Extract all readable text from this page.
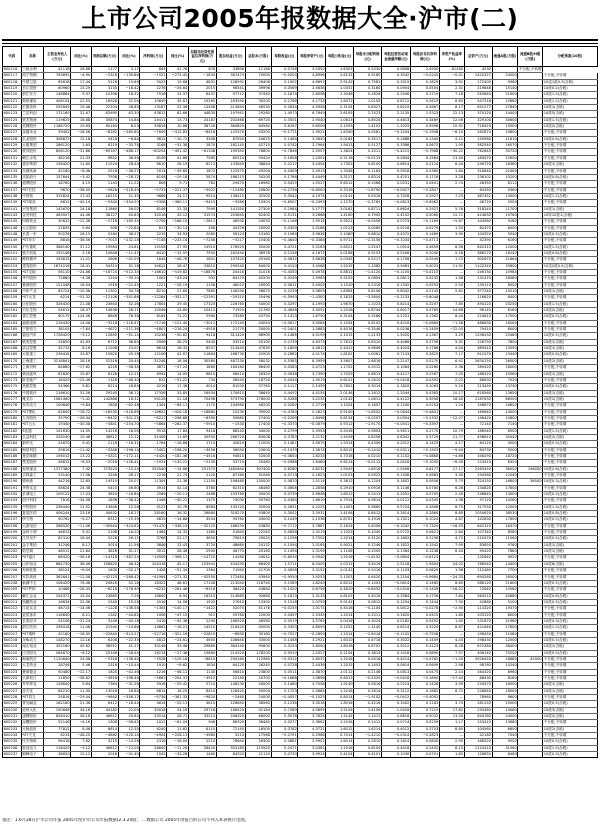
上市公司2005年报数据大全·沪市(二)
代码	名称	主营业务收入(万元)	同比(%)	利润总额(万元)	同比(%)	净利润(万元)	同比(%)	扣除非经常性损益后净利润(万元)	股东权益(万元)	总股本(万股)	每股收益(元)	每股净资产(元)	每股公积金(元)	每股未分配利润(元)	每股经营活动现金流量净额(元)	每股扣非后净利润(元)	净资产收益率(%)	总资产(万元)	流通A股(万股)	流通B股/H股(万股)	分配预案(10派)
600116	三峡水利	41118	28.86	1177	3.17	844	41.76	678	33896	11168	0.0756	3.0350	1.6303	0.2030	0.0608	2.4900	61280	4530		不分配,不转增	
600117	西宁特钢	763895	−4.90	−2316	−139.86	−1521	−275.45	−1834	367474	75000	−0.0203	4.8996	2.6132	0.9180	0.3542	−0.0245	−0.41	1420327	24000		不分配,不转增
600118	中国卫星	65818	17.44	5126	15.69	5023	15.68	4831	128591	26406	0.1902	4.8697	2.9142	0.7581	0.3315	0.1829	3.91	172405	9360		10送1派0.3(含税)
600119	长江投资	80960	15.29	3135	−18.42	2276	−26.84	2015	98541	39996	0.0569	2.4638	1.0431	0.3160	0.0904	0.0504	2.31	219848	15140		10派0.2(含税)
600120	浙江东方	146864	9.37	10396	18.52	7016	15.37	6437	97712	37440	0.1874	2.6098	1.3046	0.1828	0.2946	0.1719	7.18	263840	21600		10派1.5(含税)
600121	郑州煤电	408154	22.55	16928	37.04	10849	35.81	10265	163590	39200	0.2768	4.1733	1.8472	1.0105	0.8712	0.2619	6.63	547316	15680		10派1.2(含税)
600122	宏图高科	592845	19.46	22104	26.85	13187	22.36	12408	213844	46530	0.2834	4.5958	2.3154	0.8327	0.6215	0.2667	6.17	651277	27840		10派1(含税)
600123	兰花科创	171160	31.67	62695	63.30	43812	62.66	44835	197941	29260	1.4973	6.7649	2.6195	2.7423	2.2135	1.5323	22.13	370120	14400		10派5(含税)
600125	铁龙物流	119625	16.88	35874	14.84	24411	13.73	24187	202468	69720	0.3501	2.9040	1.0813	0.8524	0.4613	0.3469	12.06	329104	30600		10派1.5(含税)
600126	杭钢股份	1186720	19.65	60184	8.23	39814	10.88	38726	364820	64560	0.6167	5.6509	2.1093	1.4102	1.1025	0.5998	10.91	716429	15500		10派2(含税)
600127	金健米业	59402	−18.56	−8162	−285.60	−7649	−412.83	−8416	125370	43200	−0.1771	2.9021	1.6340	0.0581	−0.1204	−0.1948	−6.10	262874	19800		不分配,不转增
600128	弘业股份	308672	12.18	5418	−6.84	3612	−10.72	3306	87950	24670	0.1464	3.5650	2.0164	0.3517	0.1688	0.1340	4.11	155960	11610		10派0.6(含税)
600129	太极集团	286120	1.63	6219	−33.78	3168	−51.36	2870	162145	42710	0.0742	3.7964	1.9413	0.5127	0.3386	0.0672	1.95	582540	16570		不分配,不转增
600130	波导股份	806120	−31.86	−69167	−486.17	−60254	−491.42	−61348	199350	76800	−0.7846	2.5957	1.3624	0.2011	−0.4215	−0.7988	−30.22	762845	30720		不分配,不转增
600131	岷江水电	48216	21.33	9852	38.46	8106	41.86	7985	60514	50424	0.1608	1.2001	0.2116	−0.0115	0.2644	0.1584	13.40	184570	12600		不分配,不转增
600132	重庆啤酒	158420	11.60	11524	28.44	8610	28.15	8212	133640	38844	0.2217	3.4404	1.7302	0.6100	0.6614	0.2114	6.44	246720	16380		10派1(含税)
600133	东湖高新	42180	−8.46	2516	−36.27	2014	−39.85	1872	122570	49200	0.0409	2.4913	1.3346	0.1164	0.0918	0.0380	1.64	318640	22400		不分配,不转增
600135	乐凯胶片	157644	−3.42	7936	−28.12	6108	−29.18	5874	186215	34200	0.1786	5.4449	3.3127	0.8314	0.4251	0.1718	3.28	236102	10200		10派0.8(含税)
600136	道博股份	18760	4.15	1143	11.22	806	9.71	762	29470	18980	0.0425	1.5527	0.6012	0.1066	0.0531	0.0401	2.74	46350	8112		不分配,不转增
600137	*ST长控	9870	−38.50	−5826	−218.40	−5733	−221.37	−5922	−12480	20800	−0.2756	−0.6000	0.3316	−1.8790	−0.0427	−0.2847	—	64350	9360		不分配,不转增
600138	中青旅	315824	17.43	16215	21.35	9886	24.17	9514	136415	32500	0.3042	4.1974	2.0141	0.9318	0.7426	0.2927	7.25	387452	13000		10派1.2(含税)
600139	*ST绵高	6612	−42.14	−9340	−354.20	−9308	−360.11	−9415	−3566	14304	−0.6507	−0.2493	1.1270	−2.3764	−0.0813	−0.6582	—	48720	5504		不分配,不转增
600141	兴发集团	142670	24.18	11860	26.02	8146	22.33	7990	141350	27300	0.2984	5.1777	3.0162	0.8711	0.6624	0.2927	5.76	318240	11700		10派1(含税)
600143	金发科技	463507	44.46	38127	45.63	32016	43.12	31574	203845	62400	0.5131	3.2668	1.4160	0.7905	0.4102	0.5060	15.71	424630	19760		10转10派1(含税)
600145	四维瓷业	30612	−12.36	−2716	−165.34	−2756	−168.15	−2811	46930	24050	−0.1146	1.9514	0.9021	−0.0406	0.0723	−0.1169	−5.87	104560	9180		不分配,不转增
600146	大元股份	21835	5.64	906	−22.64	617	−30.14	558	40376	20000	0.0309	2.0188	1.0123	0.0065	0.0216	0.0279	1.53	62470	8000		不分配,不转增
600148	长春一东	50276	26.15	3184	36.27	2215	34.93	2080	56124	14160	0.1564	3.9636	2.1060	0.6810	0.4372	0.1469	3.95	104320	5040		10派0.5(含税)
600149	*ST环宇	8816	−36.56	−7015	−232.18	−7146	−233.14	−7258	−5217	15400	−0.4640	−0.3388	0.9711	−2.3156	−0.1034	−0.4713	—	42390	6160		不分配,不转增
600150	沪东重机	368140	37.12	19564	24.61	15108	27.95	14910	176520	32000	0.4721	5.5163	2.6521	1.5247	1.0914	0.4659	8.56	642310	12000		10派1.5(含税)
600151	航天机电	192146	2.16	10648	−11.47	8410	−12.55	7950	162440	38976	0.2158	4.1677	2.0168	0.9103	0.5206	0.2040	5.18	386270	16240		10派0.8(含税)
600152	维科精华	193615	11.22	2806	−41.05	1844	−46.78	1601	107420	29160	0.0632	3.6838	2.0345	0.5217	0.1706	0.0549	1.72	302870	11664		不分配,不转增
600153	建发股份	1874216	18.41	54310	31.16	34612	28.47	33810	290540	84000	0.4120	3.4588	1.2015	1.1082	0.9463	0.4025	11.91	1102340	33600		10送2派0.5(含税)
600155	*ST宝硕	56110	−24.86	−16724	−512.35	−16610	−519.82	−16876	20416	41016	−0.4050	0.4978	0.8812	−1.4120	−0.1105	−0.4115	—	246130	15984		不分配,不转增
600156	华升股份	72860	−4.36	1244	−39.10	1002	−43.24	932	64170	40200	0.0249	1.5963	0.5102	0.0804	0.0611	0.0232	1.56	131470	16080		不分配,不转增
600157	鲁润股份	121048	16.04	1916	−21.45	1221	−28.19	1106	48010	20000	0.0611	2.4005	1.1010	0.2316	0.1342	0.0553	2.54	139110	8000		不分配,不转增
600158	中体产业	83724	−10.36	11302	34.76	8210	27.60	7865	146290	36670	0.2239	3.9893	1.8364	0.8106	0.6042	0.2145	5.61	377240	15210		10派1(含税)
600159	*ST大龙	6214	−51.32	−12106	−341.86	−12284	−352.17	−12391	−29310	20496	−0.5993	−1.4300	0.1815	−3.5604	−0.2133	−0.6046	—	116620	8400		不分配,不转增
600160	巨化股份	326420	21.08	23640	32.16	17804	29.45	17320	226760	54000	0.3297	4.1993	1.9870	1.1023	0.8214	0.3207	7.85	490220	20250		10派1.5(含税)
600161	天坛生物	54612	18.37	14836	26.11	10546	24.80	10412	71920	21760	0.4846	3.3051	1.2016	0.8744	0.6017	0.4785	14.66	96140	8160		10派2(含税)
600162	香江控股	60175	124.56	8846	78.36	6184	71.22	5960	73280	43750	0.1413	1.6750	0.3104	0.3286	0.2251	0.1362	8.44	224610	17500		10派0.5(含税)
600163	福建南纸	216430	14.06	−3218	−118.47	−2716	−121.40	−3012	172140	44044	−0.0617	3.9084	2.1034	0.6102	0.4216	−0.0684	−1.58	488630	16200		不分配,不转增
600165	宁夏恒力	38105	−7.64	−4672	−211.36	−4801	−218.24	−4918	21770	20000	−0.2401	1.0885	0.4016	−0.3546	0.0236	−0.2459	−22.05	79410	8000		不分配,不转增
600166	福田汽车	1708420	−3.12	12850	−51.14	10238	−50.62	9416	311420	68900	0.1486	4.5199	2.1015	1.2133	1.5420	0.1367	3.29	1296430	25480		10派0.5(含税)
600167	联美控股	24650	41.63	6712	36.84	5506	38.25	5440	93210	20100	0.2739	4.6373	2.7812	0.8310	0.4066	0.2706	5.91	128750	7800		10派1(含税)
600168	武汉控股	32715	8.16	11206	15.07	8618	16.33	8507	213440	47630	0.1809	4.4812	2.4412	0.9806	0.4024	0.1786	4.04	389410	13590		10派1(含税)
600169	太原重工	236418	33.87	15620	45.18	12106	42.67	11864	168730	42000	0.2882	4.0174	1.8102	1.0061	0.7143	0.2825	7.17	612470	13440		10派0.8(含税)
600170	上海建工	3216841	28.16	52316	20.44	31248	18.06	30580	487230	58032	0.5385	8.3959	3.5607	2.6816	2.2147	0.5270	6.41	2634150	26000		10派2(含税)
600171	上海贝岭	64880	−17.62	4216	−58.34	3871	−57.24	1860	164160	66400	0.0583	2.4723	1.1702	0.2012	0.1064	0.0280	2.36	189420	18000		不分配,不转增
600172	黄河旋风	61830	15.87	8126	12.21	6942	14.05	6810	98410	26320	0.2638	3.7390	1.7025	0.8813	0.4127	0.2587	7.05	186320	10560		10派1(含税)
600173	卧龙地产	18420	−22.46	1316	−48.30	812	−51.22	734	36540	18720	0.0434	1.9519	0.6101	0.2610	−0.0418	0.0392	2.22	88630	7020		不分配,不转增
600175	美都控股	54366	9.81	6214	18.84	4216	17.38	4014	81030	37760	0.1117	2.1459	0.7802	0.3014	0.1820	0.1063	5.20	213450	13740		10派0.5(含税)
600176	中国玻纤	216610	31.26	29240	36.12	17356	33.85	16934	170610	38640	0.4492	4.4154	2.0136	1.1812	1.2044	0.4383	10.17	618560	13650		10派1(含税)
600177	雅戈尔	1081460	−1.42	142866	18.31	94128	21.18	70456	573790	178000	0.5288	3.2235	1.0142	1.0811	0.4122	0.3958	16.40	2187630	66500		10派2(含税)
600178	东安动力	109846	−9.84	1856	−62.48	1304	−64.11	1170	104960	46200	0.0282	2.2719	1.1024	0.1607	0.1240	0.0253	1.24	198870	16800		不分配,不转增
600179	*ST黑化	62840	−18.72	−18530	−418.66	−18652	−426.18	−18880	10230	39000	−0.4783	0.2623	0.9100	−1.6502	−0.0844	−0.4841	—	169640	14000		不分配,不转增
600180	九发股份	35790	−26.44	−6432	−301.25	−6217	−298.88	−6390	50680	27400	−0.2269	1.8496	0.8134	−0.0207	0.0354	−0.2332	−12.27	146420	10800		不分配,不转增
600181	*ST云大	19340	−30.08	−5841	−254.70	−5864	−262.37	−5910	−1530	17400	−0.3370	−0.0879	0.9312	−1.9170	−0.0541	−0.3397	—	72140	7140		不分配,不转增
600182	S佳通	141630	14.55	14216	18.06	9518	17.84	9418	88240	34000	0.2799	2.5953	0.5416	0.9604	0.5611	0.2770	10.79	186940	8500		10派1.5(含税)
600183	生益科技	326240	15.48	38612	12.12	31406	11.65	30950	266720	83008	0.3783	3.2132	1.4026	0.8206	0.6342	0.3729	11.77	498610	35440		10派2(含税)
600184	新华光	24870	9.42	2116	−18.31	1784	−16.86	1710	42810	12000	0.1487	3.5675	1.9314	0.4306	0.2012	0.1425	4.17	64120	4500		10派0.5(含税)
600185	海星科技	29816	−11.42	−3348	−196.14	−3402	−198.20	−3456	36050	23000	−0.1479	1.5674	0.8015	−0.2410	−0.0311	−0.1503	−9.44	84730	9200		不分配,不转增
600186	莲花味精	156012	13.22	−4321	−172.11	−4420	−181.36	−4516	94810	52000	−0.0850	1.8233	0.7318	0.0210	0.1102	−0.0868	−4.66	346290	18720		不分配,不转增
600187	黑龙股份	46812	−8.33	−2016	−126.41	−2024	−130.22	−2130	33710	20480	−0.0988	1.6460	0.6214	−0.0112	0.0418	−0.1040	−6.00	123410	8320		不分配,不转增
600188	兖州煤业	1377380	7.42	373520	−15.24	254540	−14.66	251370	1482640	307400	0.8280	4.8232	1.9043	1.8516	1.5406	0.8177	17.17	2263450	36000	196000	10派2.6(含税)
600189	吉林森工	53140	17.06	3246	26.17	2216	21.74	2120	67160	31060	0.0713	2.1623	1.0103	0.0922	0.1506	0.0683	3.30	194560	12040		不分配,不转增
600190	锦州港	44216	12.85	14510	20.07	11304	21.36	11150	196480	130000	0.0870	1.5114	0.3612	0.1204	0.1602	0.0858	5.75	324150	16800	36000	10派0.3(含税)
600191	华资实业	58624	24.38	5410	46.80	3914	42.14	3780	62310	48460	0.0808	1.2858	0.2910	0.0916	0.1146	0.0780	6.28	134820	17800		不分配,不转增
600192	长城电工	109122	17.03	3620	−16.84	2586	−20.11	2468	103760	35000	0.0739	2.9646	1.6012	0.2413	0.2052	0.0705	2.49	246840	13000		10派0.3(含税)
600193	创兴科技	7816	−34.08	1836	−38.42	1448	−40.22	1370	74030	39760	0.0364	1.8619	0.7914	0.0614	0.0112	0.0345	1.96	97120	14260		不分配,不转增
600195	中牧股份	236440	11.52	13648	12.26	9122	10.78	8984	135120	32000	0.2851	4.2225	2.1403	0.9860	0.5724	0.2808	6.75	317550	12000		10派1.5(含税)
600196	复星医药	406244	23.16	40632	18.27	28160	16.32	26860	318270	93800	0.3002	3.3931	1.4106	0.8412	0.2614	0.2864	8.85	1054620	38530		10派0.8(含税)
600197	伊力特	50762	−5.27	6312	−15.39	4615	−14.88	4504	94760	44000	0.1049	2.1536	0.8701	0.1916	0.1321	0.1024	4.87	142830	17600		10派0.5(含税)
600198	大唐电信	286530	−11.06	−30644	−324.82	−31470	−338.15	−32120	166250	43880	−0.7172	3.7887	2.1614	0.4006	−0.1042	−0.7320	−18.93	642310	16370		不分配,不转增
600199	金种子酒	46815	9.31	2108	16.20	1464	14.33	1380	51640	22240	0.0658	2.3219	1.1023	0.1040	0.0722	0.0621	2.84	107340	8580		不分配,不转增
600200	江苏吴中	82310	18.44	5226	26.11	3768	22.17	3650	79810	29020	0.1298	2.7502	1.2014	0.3120	0.1802	0.1258	4.72	210470	11560		10派0.5(含税)
600201	金宇集团	31246	8.17	5014	11.56	3846	12.43	3720	48660	24132	0.1594	2.0164	0.9021	0.1246	0.1622	0.1542	7.90	83650	9760		10派1(含税)
600202	哈空调	48512	21.84	3816	31.27	3012	28.46	2900	46770	20160	0.1494	2.3199	1.1106	0.2005	0.1364	0.1438	6.44	95420	7680		10派1(含税)
600203	*ST福日	68420	−36.18	−14316	−387.24	−14506	−396.11	−14720	14280	24042	−0.6034	0.5940	1.2016	−1.6102	−0.0804	−0.6123	—	132640	9020		不分配,不转增
600205	山东铝业	864730	38.46	158620	46.32	104318	45.17	103942	434290	66400	1.5711	6.5405	2.0312	3.4416	2.5118	1.5654	24.02	786540	14400		10派6(含税)
600206	有研硅股	38124	−6.04	1630	−52.17	1428	−51.34	1364	71940	21700	0.0658	3.3152	2.0142	0.2016	0.1103	0.0629	1.98	112480	7700		不分配,不转增
600207	安彩高科	362841	−12.08	−42120	−268.42	−41964	−271.32	−42550	172480	43940	−0.9550	3.9253	2.1503	0.6420	0.2104	−0.9684	−24.33	694260	16500		不分配,不转增
600208	新湖中宝	106420	76.48	24816	52.18	18322	48.61	17106	213040	116740	0.1569	1.8249	0.6012	0.1403	−0.0614	0.1465	8.60	586120	21600		10派0.5(含税)
600209	*ST罗顿	10486	−28.35	−6218	−276.40	−6232	−281.46	−6316	38420	43880	−0.1420	0.8756	0.4810	−0.6052	−0.0316	−0.1439	−16.22	72840	15580		不分配,不转增
600210	紫江企业	204371	15.04	23860	7.26	16840	6.54	16310	214860	92880	0.1813	2.3133	0.8102	0.4018	0.3364	0.1756	7.84	564210	40880		10派0.6(含税)
600211	西藏药业	18634	22.36	2540	15.28	2016	14.06	1920	27610	13300	0.1516	2.0759	0.9142	0.0812	0.1254	0.1444	7.30	42860	5100		10派0.5(含税)
600212	江泉实业	46714	−14.06	−1228	−136.58	−1304	−140.17	−1422	52070	51176	−0.0255	1.0175	0.4016	−0.1104	0.0412	−0.0278	−2.50	114320	19370		不分配,不转增
600213	亚星客车	116640	8.21	1342	−44.62	1006	−47.15	912	55760	22000	0.0457	2.5345	1.2014	0.2011	0.1620	0.0415	1.80	203120	8000		不分配,不转增
600215	长春经开	24106	−31.24	3146	−40.18	2416	−42.36	2290	166520	46560	0.0519	3.5765	2.0416	0.3024	0.0162	0.0492	1.45	231870	21960		10派0.3(含税)
600216	浙江医药	256418	11.08	21540	−14.66	14862	−16.21	14510	216420	45000	0.3303	4.8093	2.1032	1.3140	0.6214	0.3224	6.87	421640	17600		10派1.5(含税)
600217	*ST秦岭	42180	−18.30	−22640	−314.27	−22716	−321.16	−22810	−8630	30180	−0.7527	−0.2859	1.2014	−2.6416	−0.1102	−0.7558	—	196450	11580		不分配,不转增
600218	全柴动力	148270	12.16	6208	−22.35	4812	−24.61	4650	108640	33000	0.1458	3.2921	1.6310	0.4716	0.3022	0.1409	4.43	198430	12000		10派0.5(含税)
600219	南山铝业	352160	45.62	38912	41.27	30146	39.48	29860	364140	95600	0.3153	3.8090	1.8016	0.8702	0.5012	0.3123	8.28	672380	38400		10派1(含税)
600220	江苏阳光	264870	−6.12	20146	−28.44	16214	−27.38	15860	214320	178200	0.0910	1.2027	0.2104	0.3814	0.1416	0.0890	7.57	406140	70200		10派0.5(含税)
600221	海南航空	1120640	24.06	−5316	−138.40	−3528	−129.18	−8610	294160	112980	−0.0312	2.6037	1.2016	0.0416	0.4214	−0.0762	−1.20	3526420	18680	42000	不分配,不转增
600222	太龙药业	28746	5.46	2316	−10.44	1910	−8.62	1834	64120	26240	0.0728	2.4436	1.2012	0.1403	0.0614	0.0699	2.98	98760	10240		不分配,不转增
600223	鲁商置业	50480	−12.17	1820	−42.46	1216	−46.11	1130	56810	23800	0.0511	2.3870	1.0112	0.2146	0.0813	0.0475	2.14	164320	8960		不分配,不转增
600225	天津松江	11850	−38.62	−3816	−198.44	−3862	−204.31	−3912	22140	20700	−0.1866	1.0696	0.6012	−0.5320	−0.0416	−0.1890	−17.44	68430	8160		不分配,不转增
600226	升华拜克	128640	9.84	7364	−31.26	5918	−29.42	5710	148230	40000	0.1480	3.7058	1.9140	0.5816	0.2214	0.1428	3.99	234570	16000		10派1(含税)
600227	赤天化	84210	11.35	13016	18.64	8614	16.25	8410	128420	50000	0.1723	2.5684	1.2016	0.2614	0.3112	0.1682	6.71	226840	18000		10派1(含税)
600228	*ST昌九	24816	−29.44	−9640	−356.12	−9736	−361.33	−9820	−2460	24000	−0.4057	−0.1025	0.8014	−1.9102	−0.0412	−0.4092	—	78960	9600		不分配,不转增
600229	青岛碱业	162180	21.36	6412	−18.44	4814	−20.11	4610	128640	38960	0.1236	3.3018	1.8016	0.4216	0.3402	0.1183	3.74	281250	15000		10派0.5(含税)
600230	沧州大化	190646	34.16	44182	22.04	30018	24.18	29716	168420	41184	0.7289	4.0895	1.5104	1.4106	1.0416	0.7215	17.82	254380	14080		10派3(含税)
600231	凌钢股份	826410	36.18	48612	29.64	33514	28.71	33210	248320	66000	0.5078	3.7624	1.5142	1.1413	0.8816	0.5032	13.50	644780	24000		10派2(含税)
600232	金鹰股份	52146	−4.16	1306	−58.42	1012	−61.04	946	86320	36480	0.0277	2.3662	1.2016	0.1412	0.0714	0.0259	1.17	153410	13680		不分配,不转增
600233	大杨创世	77812	8.46	8614	12.35	6240	11.82	6110	72140	16500	0.3782	4.3721	1.6012	1.6214	0.4012	0.3703	8.65	104560	6600		10派2(含税)
600234	*ST天龙	6214	−48.20	−4862	−220.14	−4904	−226.11	−4960	5210	17568	−0.2791	0.2966	0.7014	−1.4210	−0.0314	−0.2823	—	42180	7040		不分配,不转增
600235	民丰特纸	96418	7.62	3210	−14.26	2316	−16.04	2210	78640	26300	0.0881	2.9901	1.6014	0.2810	0.1614	0.0840	2.95	168520	9500		10派0.5(含税)
600236	桂冠电力	116420	−3.12	36812	−12.04	28640	−11.26	28420	352180	115920	0.2471	3.0381	1.2016	0.6104	0.4416	0.2452	8.13	1124310	31560		10派1.5(含税)
600237	铜峰电子	38650	12.12	2016	−31.40	1542	−33.28	1480	84320	21120	0.0730	3.9924	2.4104	0.4101	0.1036	0.0701	1.83	128650	8480		10派0.3(含税)
备注：1.6月28日沪市公司年报 2005年度沪市公司年报数据(2.3.24股；二.数据公司 2005年度报告的公司不列入本表统计范围。
